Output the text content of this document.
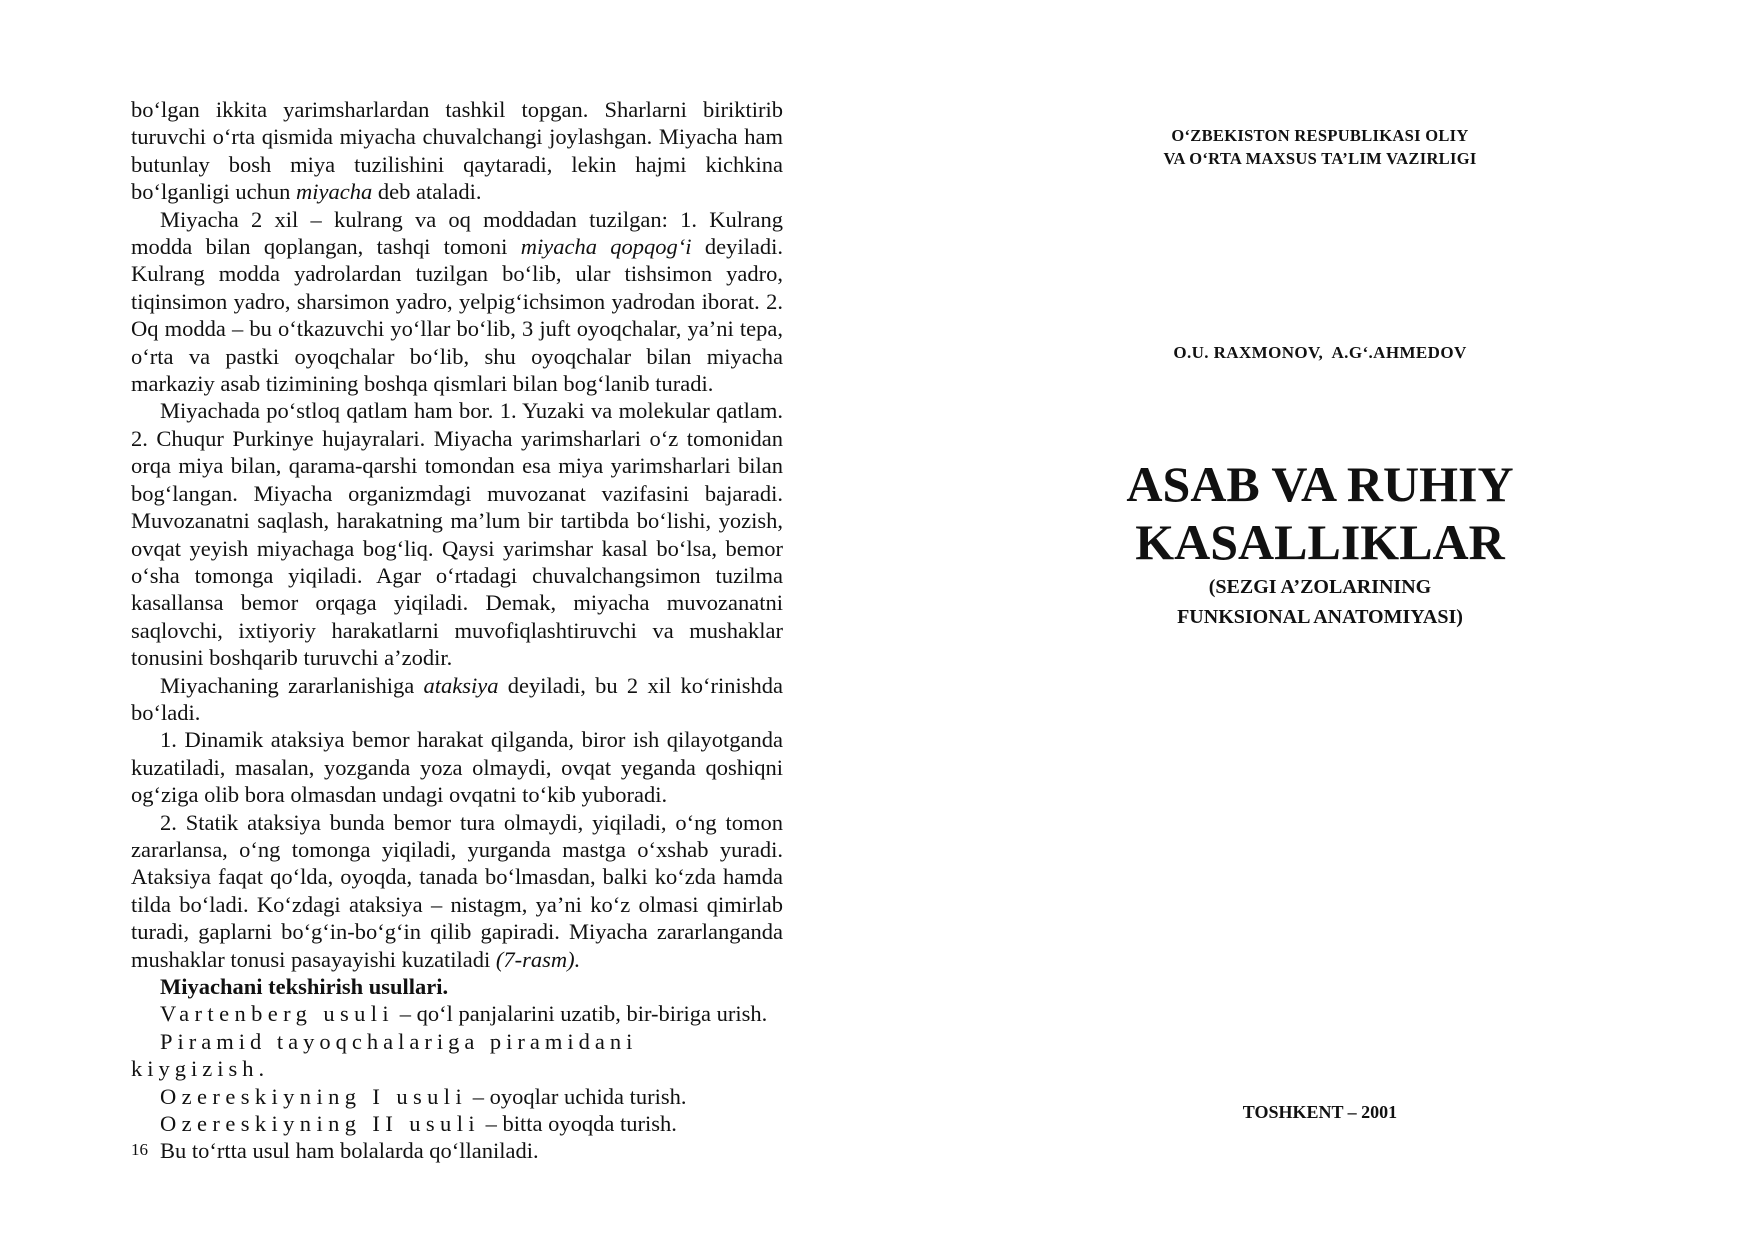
bo‘lgan ikkita yarimsharlardan tashkil topgan. Sharlarni biriktirib turuvchi o‘rta qismida miyacha chuvalchangi joylashgan. Miyacha ham butunlay bosh miya tuzilishini qaytaradi, lekin hajmi kichkina bo‘lganligi uchun miyacha deb ataladi.

Miyacha 2 xil – kulrang va oq moddadan tuzilgan: 1. Kulrang modda bilan qoplangan, tashqi tomoni miyacha qopqog‘i deyiladi. Kulrang modda yadrolardan tuzilgan bo‘lib, ular tishsimon yadro, tiqinsimon yadro, sharsimon yadro, yelpig‘ichsimon yadrodan iborat. 2. Oq modda – bu o‘tkazuvchi yo‘llar bo‘lib, 3 juft oyoqchalar, ya’ni tepa, o‘rta va pastki oyoqchalar bo‘lib, shu oyoqchalar bilan miyacha markaziy asab tizimining boshqa qismlari bilan bog‘lanib turadi.

Miyachada po‘stloq qatlam ham bor. 1. Yuzaki va molekular qatlam. 2. Chuqur Purkinye hujayralari. Miyacha yarimsharlari o‘z tomonidan orqa miya bilan, qarama-qarshi tomondan esa miya yarimsharlari bilan bog‘langan. Miyacha organizmdagi muvozanat vazifasini bajaradi. Muvozanatni saqlash, harakatning ma’lum bir tartibda bo‘lishi, yozish, ovqat yeyish miyachaga bog‘liq. Qaysi yarimshar kasal bo‘lsa, bemor o‘sha tomonga yiqiladi. Agar o‘rtadagi chuvalchangsimon tuzilma kasallansa bemor orqaga yiqiladi. Demak, miyacha muvozanatni saqlovchi, ixtiyoriy harakatlarni muvofiqlashtiruvchi va mushaklar tonusini boshqarib turuvchi a’zodir.

Miyachaning zararlanishiga ataksiya deyiladi, bu 2 xil ko‘rinishda bo‘ladi.

1. Dinamik ataksiya bemor harakat qilganda, biror ish qilayotganda kuzatiladi, masalan, yozganda yoza olmaydi, ovqat yeganda qoshiqni og‘ziga olib bora olmasdan undagi ovqatni to‘kib yuboradi.

2. Statik ataksiya bunda bemor tura olmaydi, yiqiladi, o‘ng tomon zararlansa, o‘ng tomonga yiqiladi, yurganda mastga o‘xshab yuradi. Ataksiya faqat qo‘lda, oyoqda, tanada bo‘lmasdan, balki ko‘zda hamda tilda bo‘ladi. Ko‘zdagi ataksiya – nistagm, ya’ni ko‘z olmasi qimirlab turadi, gaplarni bo‘g‘in-bo‘g‘in qilib gapiradi. Miyacha zararlanganda mushaklar tonusi pasayayishi kuzatiladi (7-rasm).

Miyachani tekshirish usullari.

Vartenberg usuli – qo‘l panjalarini uzatib, bir-biriga urish.

Piramid tayoqchalariga piramidani kiygizish.

Ozereskiyning I usuli – oyoqlar uchida turish.

Ozereskiyning II usuli – bitta oyoqda turish.

Bu to‘rtta usul ham bolalarda qo‘llaniladi.

16
O‘ZBEKISTON RESPUBLIKASI OLIY
VA O‘RTA MAXSUS TA’LIM VAZIRLIGI
O.U. RAXMONOV,  A.G‘.AHMEDOV
ASAB VA RUHIY
KASALLIKLAR
(SEZGI A’ZOLARINING
FUNKSIONAL ANATOMIYASI)
TOSHKENT – 2001
